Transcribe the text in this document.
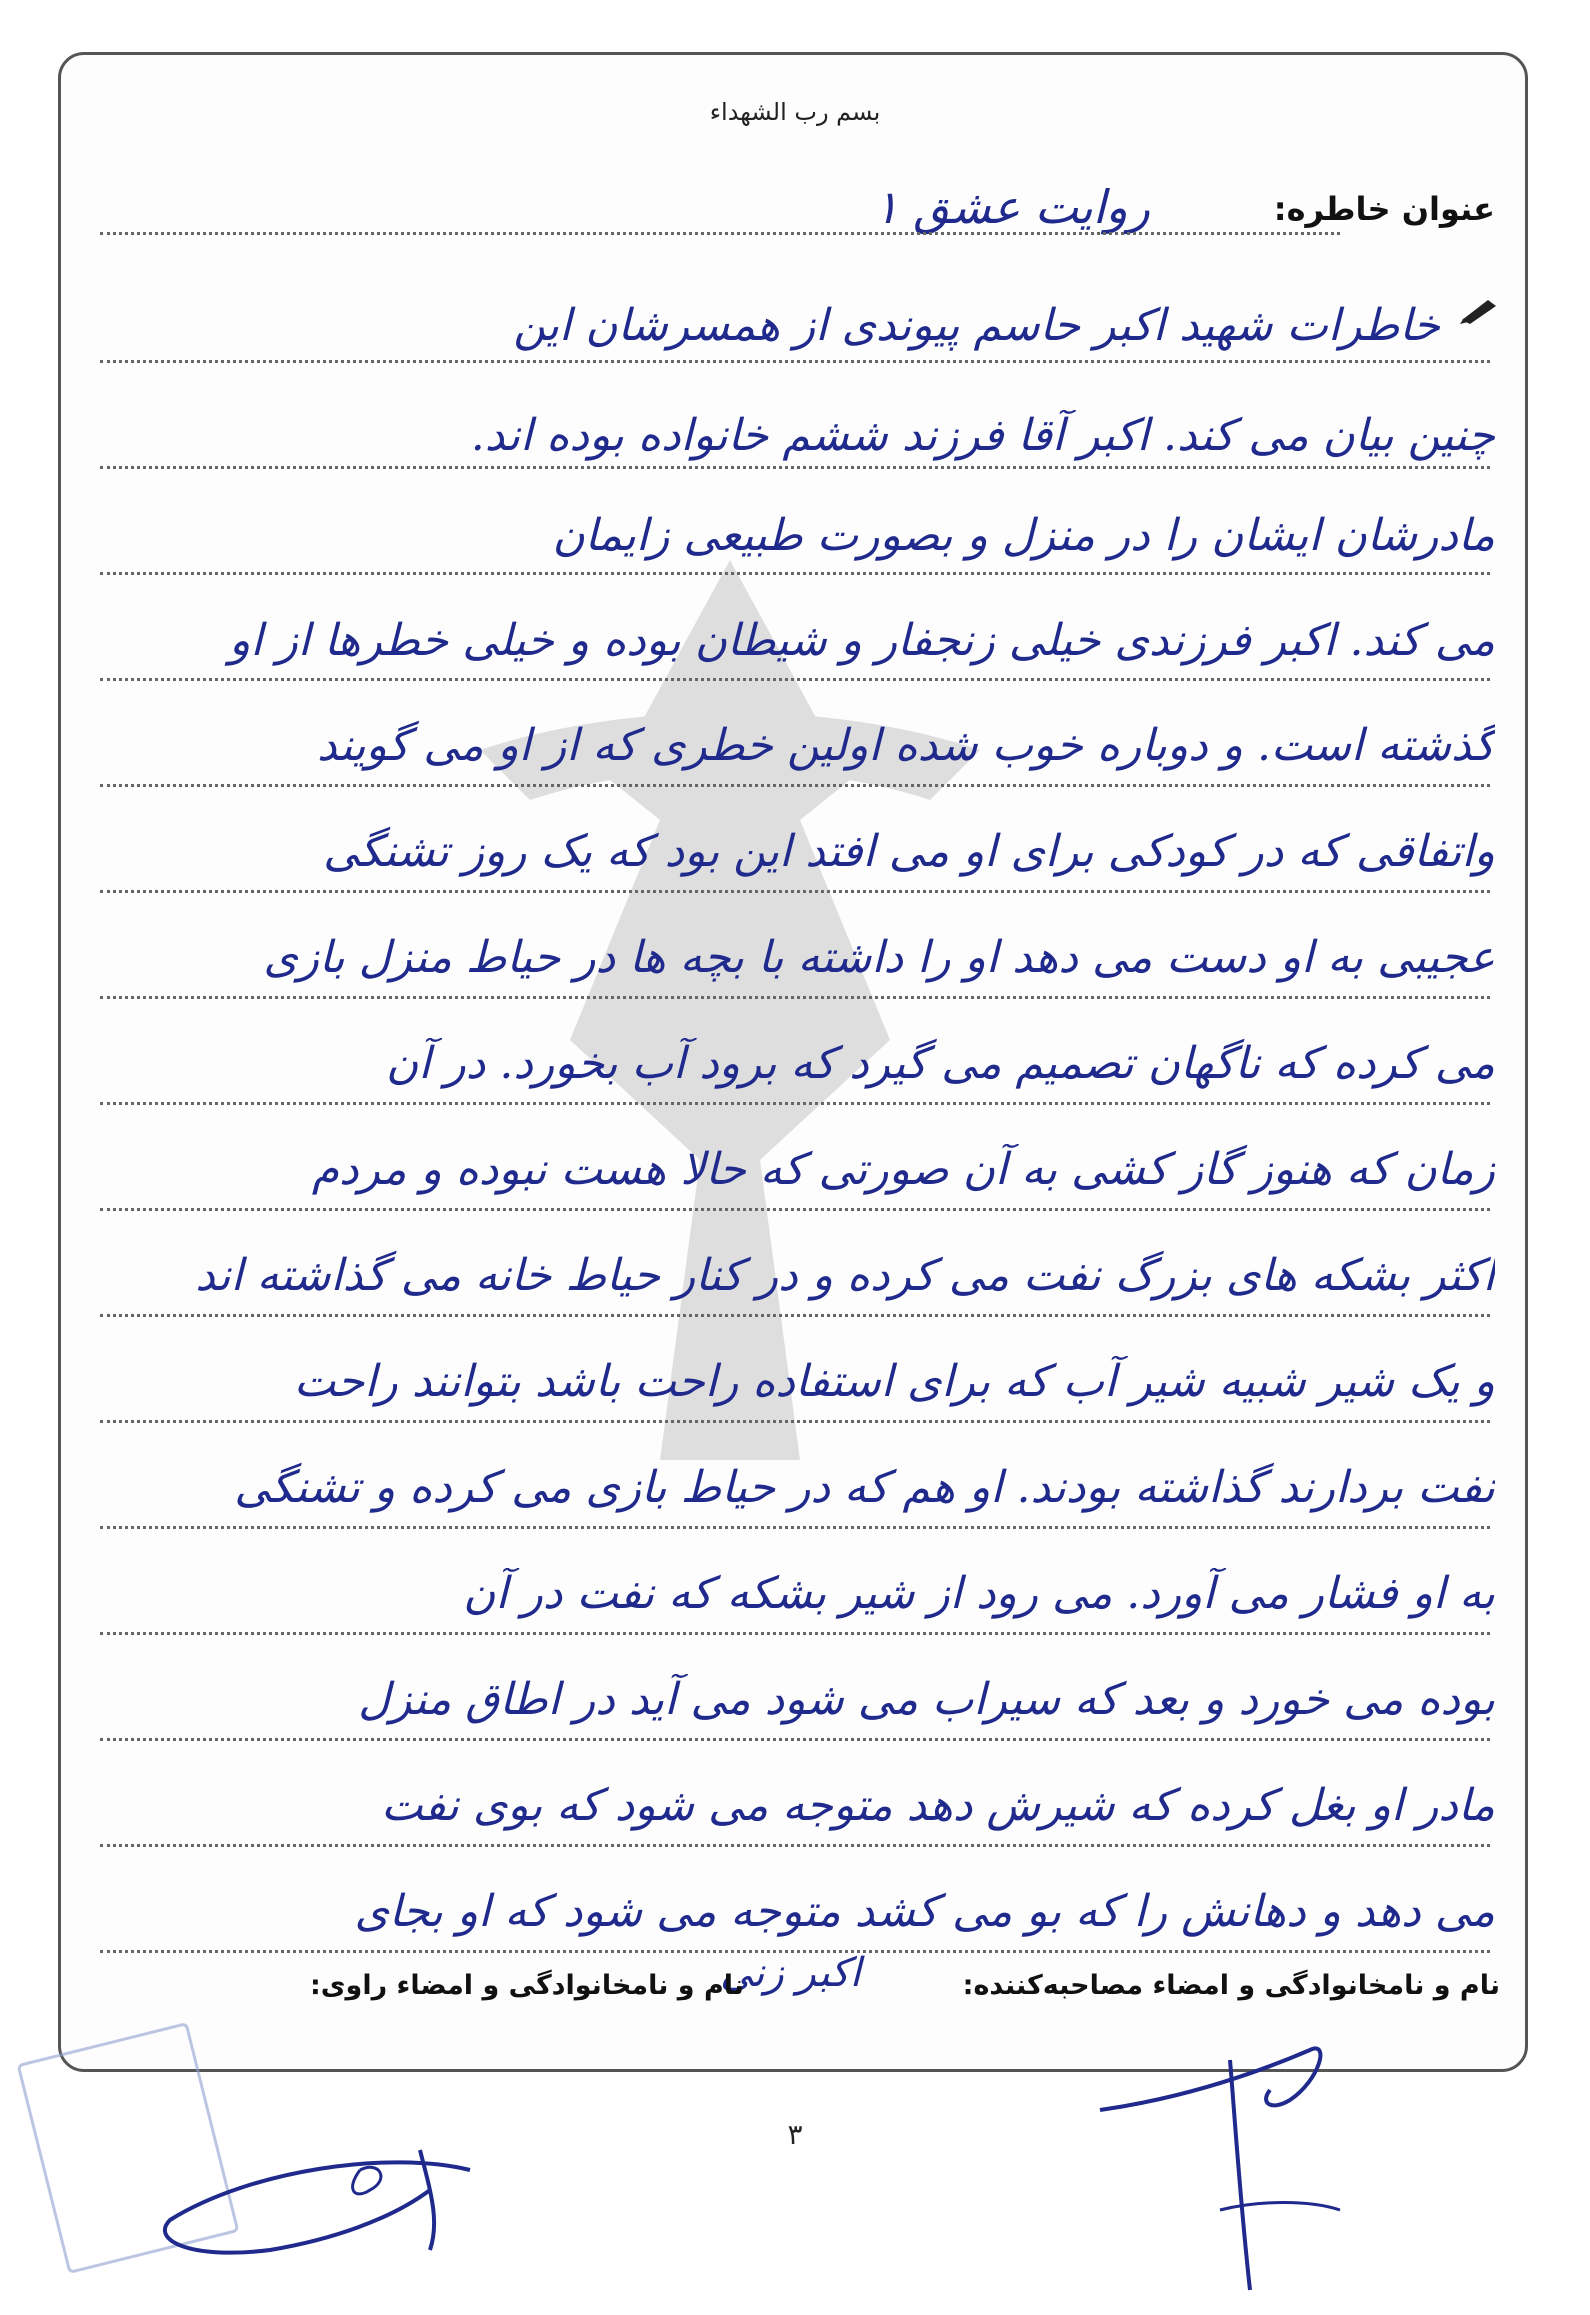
بسم رب الشهداء
عنوان خاطره:
روایت عشق ۱
خاطرات شهید اکبر حاسم پیوندی از همسرشان این
چنین بیان می کند. اکبر آقا فرزند ششم خانواده بوده اند.
مادرشان ایشان را در منزل و بصورت طبیعی زایمان
می کند. اکبر فرزندی خیلی زنجفار و شیطان بوده و خیلی خطرها از او
گذشته است. و دوباره خوب شده اولین خطری که از او می گویند
واتفاقی که در کودکی برای او می افتد این بود که یک روز تشنگی
عجیبی به او دست می دهد او را داشته با بچه ها در حیاط منزل بازی
می کرده که ناگهان تصمیم می گیرد که برود آب بخورد. در آن
زمان که هنوز گاز کشی به آن صورتی که حالا هست نبوده و مردم
اکثر بشکه های بزرگ نفت می کرده و در کنار حیاط خانه می گذاشته اند
و یک شیر شبیه شیر آب که برای استفاده راحت باشد بتوانند راحت
نفت بردارند گذاشته بودند. او هم که در حیاط بازی می کرده و تشنگی
به او فشار می آورد. می رود از شیر بشکه که نفت در آن
بوده می خورد و بعد که سیراب می شود می آید در اطاق منزل
مادر او بغل کرده که شیرش دهد متوجه می شود که بوی نفت
می دهد و دهانش را که بو می کشد متوجه می شود که او بجای
نام و نامخانوادگی و امضاء مصاحبه‌کننده:
اکبر زنی
نام و نامخانوادگی و امضاء راوی:
۳
